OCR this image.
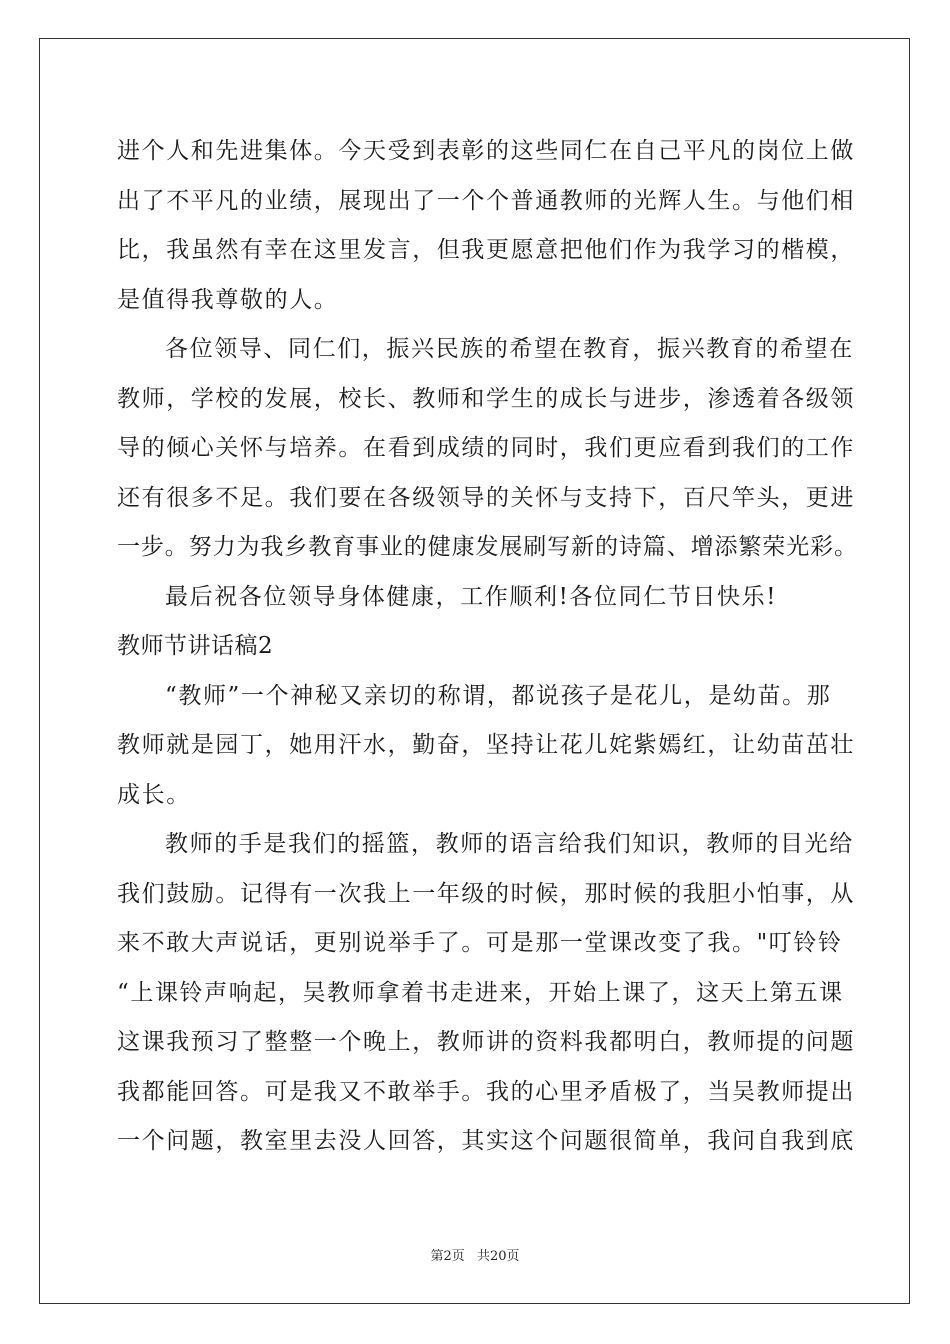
进个人和先进集体。今天受到表彰的这些同仁在自己平凡的岗位上做
出了不平凡的业绩，展现出了一个个普通教师的光辉人生。与他们相
比，我虽然有幸在这里发言，但我更愿意把他们作为我学习的楷模，
是值得我尊敬的人。
各位领导、同仁们，振兴民族的希望在教育，振兴教育的希望在
教师，学校的发展，校长、教师和学生的成长与进步，渗透着各级领
导的倾心关怀与培养。在看到成绩的同时，我们更应看到我们的工作
还有很多不足。我们要在各级领导的关怀与支持下，百尺竿头，更进
一步。努力为我乡教育事业的健康发展刷写新的诗篇、增添繁荣光彩。
最后祝各位领导身体健康，工作顺利!各位同仁节日快乐!
教师节讲话稿2
“教师”一个神秘又亲切的称谓，都说孩子是花儿，是幼苗。那
教师就是园丁，她用汗水，勤奋，坚持让花儿姹紫嫣红，让幼苗茁壮
成长。
教师的手是我们的摇篮，教师的语言给我们知识，教师的目光给
我们鼓励。记得有一次我上一年级的时候，那时候的我胆小怕事，从
来不敢大声说话，更别说举手了。可是那一堂课改变了我。"叮铃铃
“上课铃声响起，吴教师拿着书走进来，开始上课了，这天上第五课
这课我预习了整整一个晚上，教师讲的资料我都明白，教师提的问题
我都能回答。可是我又不敢举手。我的心里矛盾极了，当吴教师提出
一个问题，教室里去没人回答，其实这个问题很简单，我问自我到底
第2页 共20页
